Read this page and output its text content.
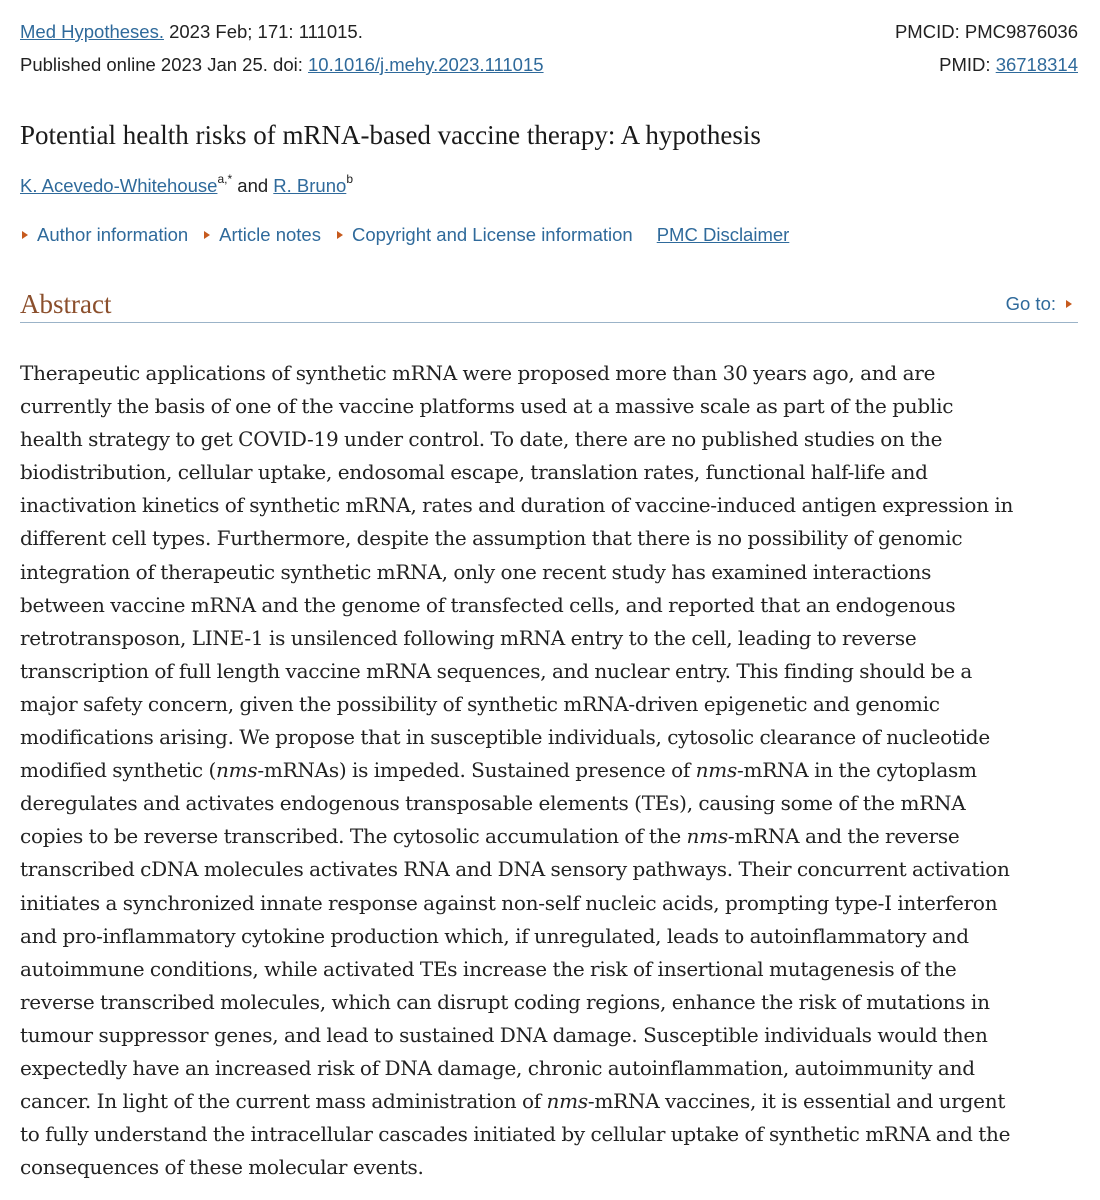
Med Hypotheses. 2023 Feb; 171: 111015.	PMCID: PMC9876036
Published online 2023 Jan 25. doi: 10.1016/j.mehy.2023.111015	PMID: 36718314
Potential health risks of mRNA-based vaccine therapy: A hypothesis
K. Acevedo-Whitehouse$^{a,*}$ and R. Bruno$^b$
Author information Article notes Copyright and License information PMC Disclaimer
Abstract	Go to:
Therapeutic applications of synthetic mRNA were proposed more than 30 years ago, and are
currently the basis of one of the vaccine platforms used at a massive scale as part of the public
health strategy to get COVID-19 under control. To date, there are no published studies on the
biodistribution, cellular uptake, endosomal escape, translation rates, functional half-life and
inactivation kinetics of synthetic mRNA, rates and duration of vaccine-induced antigen expression in
different cell types. Furthermore, despite the assumption that there is no possibility of genomic
integration of therapeutic synthetic mRNA, only one recent study has examined interactions
between vaccine mRNA and the genome of transfected cells, and reported that an endogenous
retrotransposon, LINE-1 is unsilenced following mRNA entry to the cell, leading to reverse
transcription of full length vaccine mRNA sequences, and nuclear entry. This finding should be a
major safety concern, given the possibility of synthetic mRNA-driven epigenetic and genomic
modifications arising. We propose that in susceptible individuals, cytosolic clearance of nucleotide
modified synthetic (nms-mRNAs) is impeded. Sustained presence of nms-mRNA in the cytoplasm
deregulates and activates endogenous transposable elements (TEs), causing some of the mRNA
copies to be reverse transcribed. The cytosolic accumulation of the nms-mRNA and the reverse
transcribed cDNA molecules activates RNA and DNA sensory pathways. Their concurrent activation
initiates a synchronized innate response against non-self nucleic acids, prompting type-I interferon
and pro-inflammatory cytokine production which, if unregulated, leads to autoinflammatory and
autoimmune conditions, while activated TEs increase the risk of insertional mutagenesis of the
reverse transcribed molecules, which can disrupt coding regions, enhance the risk of mutations in
tumour suppressor genes, and lead to sustained DNA damage. Susceptible individuals would then
expectedly have an increased risk of DNA damage, chronic autoinflammation, autoimmunity and
cancer. In light of the current mass administration of nms-mRNA vaccines, it is essential and urgent
to fully understand the intracellular cascades initiated by cellular uptake of synthetic mRNA and the
consequences of these molecular events.
